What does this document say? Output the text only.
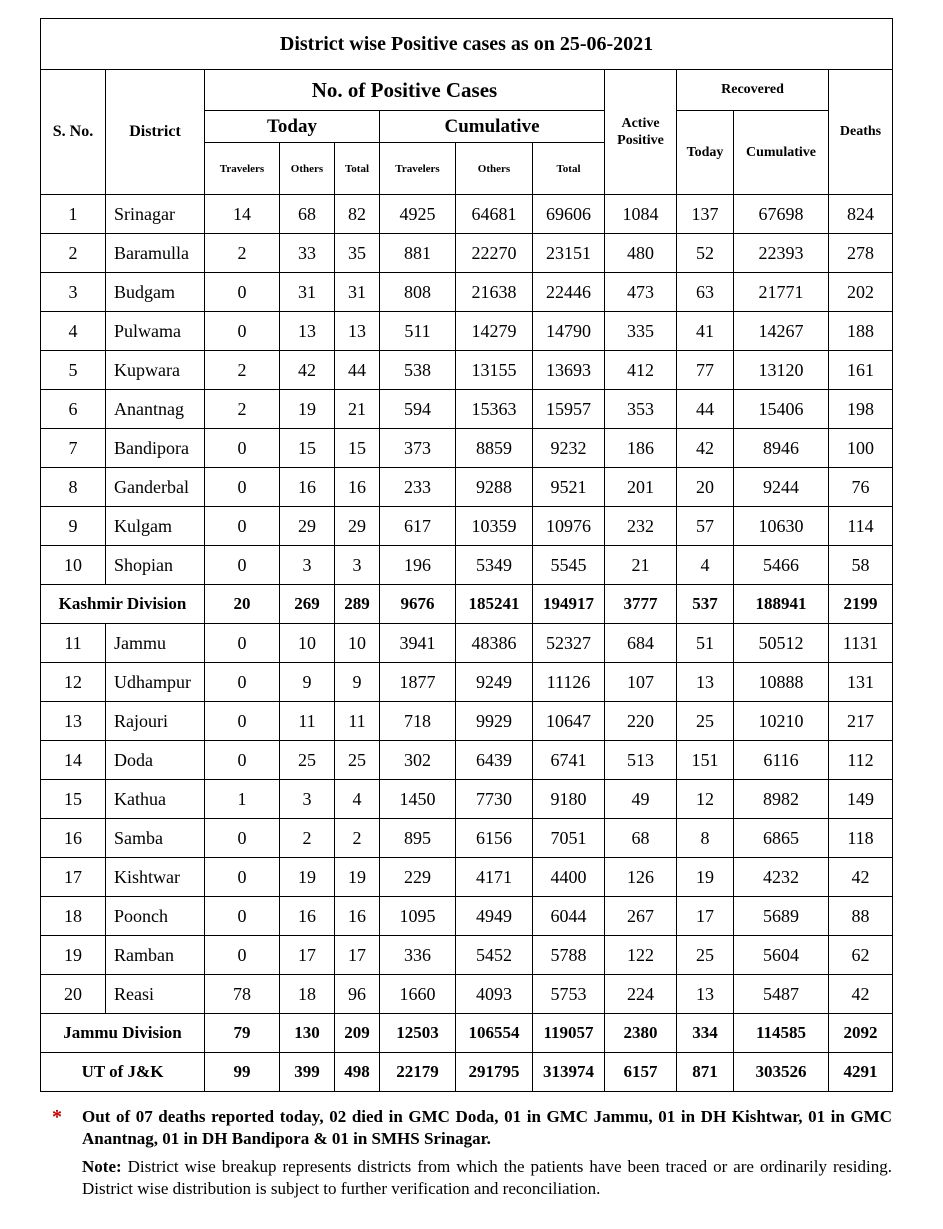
District wise Positive cases as on 25-06-2021											
S. No.	District	No. of Positive Cases						Active Positive	Recovered		Deaths
		Today			Cumulative				Today	Cumulative	
		Travelers	Others	Total	Travelers	Others	Total				
1	Srinagar	14	68	82	4925	64681	69606	1084	137	67698	824
2	Baramulla	2	33	35	881	22270	23151	480	52	22393	278
3	Budgam	0	31	31	808	21638	22446	473	63	21771	202
4	Pulwama	0	13	13	511	14279	14790	335	41	14267	188
5	Kupwara	2	42	44	538	13155	13693	412	77	13120	161
6	Anantnag	2	19	21	594	15363	15957	353	44	15406	198
7	Bandipora	0	15	15	373	8859	9232	186	42	8946	100
8	Ganderbal	0	16	16	233	9288	9521	201	20	9244	76
9	Kulgam	0	29	29	617	10359	10976	232	57	10630	114
10	Shopian	0	3	3	196	5349	5545	21	4	5466	58
Kashmir Division		20	269	289	9676	185241	194917	3777	537	188941	2199
11	Jammu	0	10	10	3941	48386	52327	684	51	50512	1131
12	Udhampur	0	9	9	1877	9249	11126	107	13	10888	131
13	Rajouri	0	11	11	718	9929	10647	220	25	10210	217
14	Doda	0	25	25	302	6439	6741	513	151	6116	112
15	Kathua	1	3	4	1450	7730	9180	49	12	8982	149
16	Samba	0	2	2	895	6156	7051	68	8	6865	118
17	Kishtwar	0	19	19	229	4171	4400	126	19	4232	42
18	Poonch	0	16	16	1095	4949	6044	267	17	5689	88
19	Ramban	0	17	17	336	5452	5788	122	25	5604	62
20	Reasi	78	18	96	1660	4093	5753	224	13	5487	42
Jammu Division		79	130	209	12503	106554	119057	2380	334	114585	2092
UT of J&K		99	399	498	22179	291795	313974	6157	871	303526	4291
*	Out of 07 deaths reported today, 02 died in GMC Doda, 01 in GMC Jammu, 01 in DH Kishtwar, 01 in GMC Anantnag, 01 in DH Bandipora & 01 in SMHS Srinagar.
Note: District wise breakup represents districts from which the patients have been traced or are ordinarily residing. District wise distribution is subject to further verification and reconciliation.
